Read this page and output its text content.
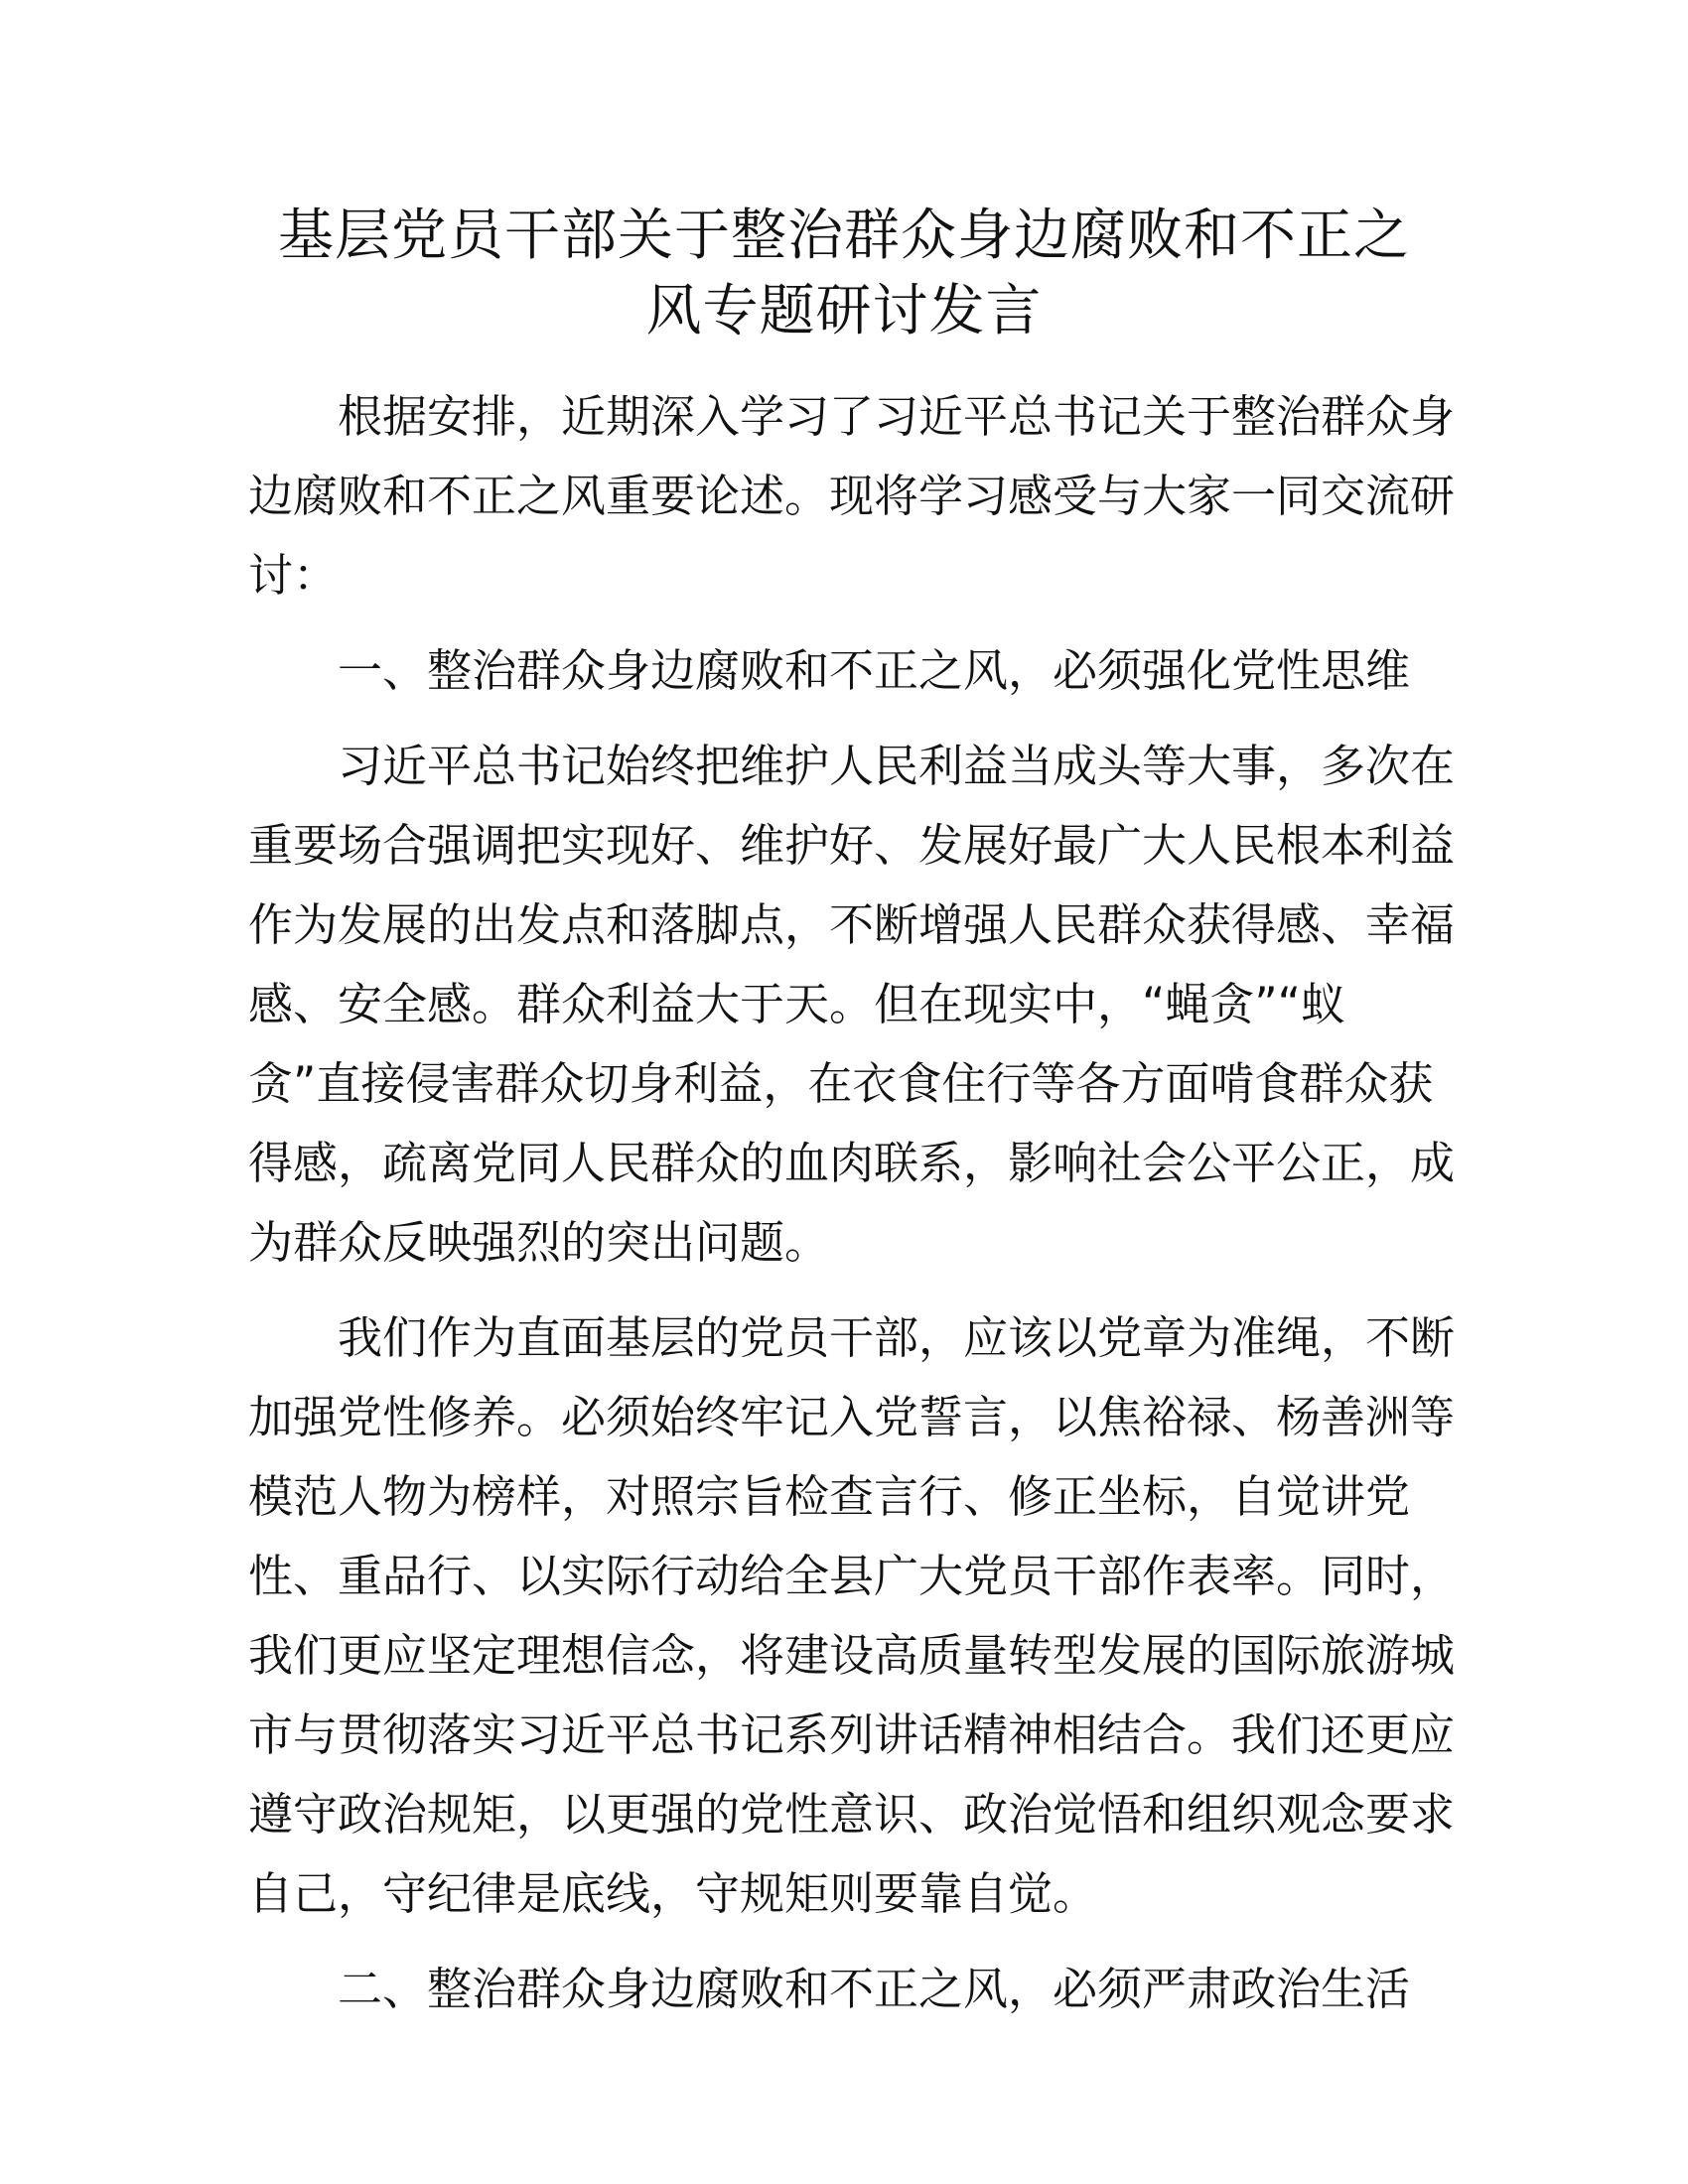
基层党员干部关于整治群众身边腐败和不正之
风专题研讨发言

根据安排，近期深入学习了习近平总书记关于整治群众身
边腐败和不正之风重要论述。现将学习感受与大家一同交流研
讨：

一、整治群众身边腐败和不正之风，必须强化党性思维

习近平总书记始终把维护人民利益当成头等大事，多次在
重要场合强调把实现好、维护好、发展好最广大人民根本利益
作为发展的出发点和落脚点，不断增强人民群众获得感、幸福
感、安全感。群众利益大于天。但在现实中，“蝇贪”“蚁
贪”直接侵害群众切身利益，在衣食住行等各方面啃食群众获
得感，疏离党同人民群众的血肉联系，影响社会公平公正，成
为群众反映强烈的突出问题。

我们作为直面基层的党员干部，应该以党章为准绳，不断
加强党性修养。必须始终牢记入党誓言，以焦裕禄、杨善洲等
模范人物为榜样，对照宗旨检查言行、修正坐标，自觉讲党
性、重品行、以实际行动给全县广大党员干部作表率。同时，
我们更应坚定理想信念，将建设高质量转型发展的国际旅游城
市与贯彻落实习近平总书记系列讲话精神相结合。我们还更应
遵守政治规矩，以更强的党性意识、政治觉悟和组织观念要求
自己，守纪律是底线，守规矩则要靠自觉。

二、整治群众身边腐败和不正之风，必须严肃政治生活
